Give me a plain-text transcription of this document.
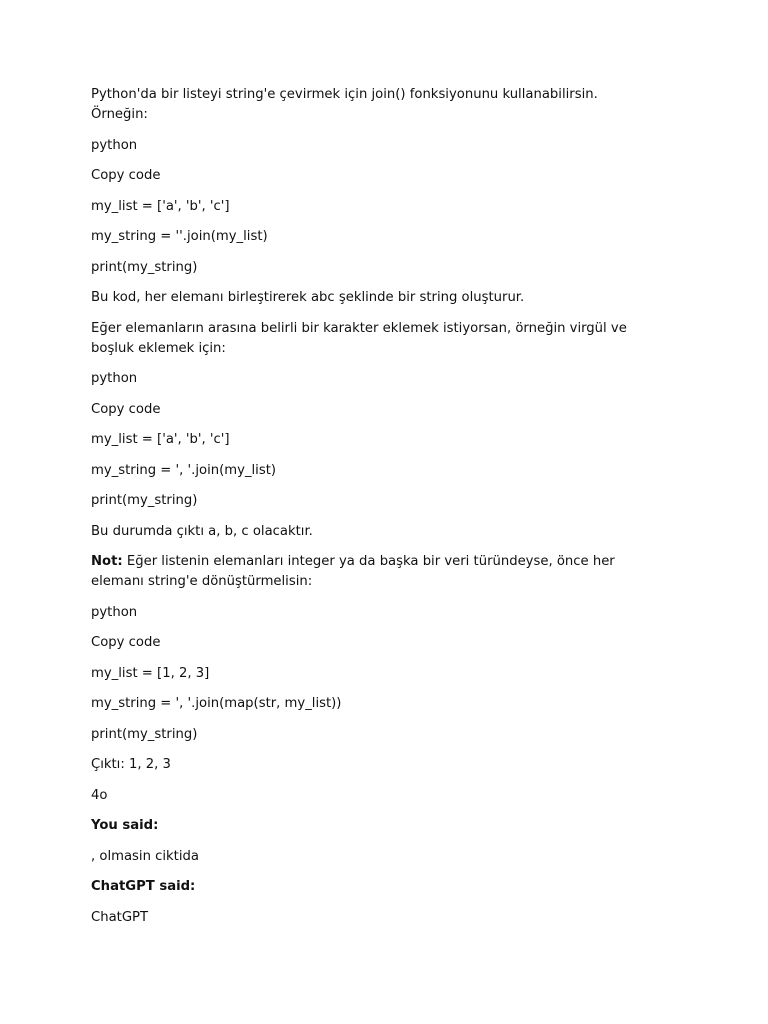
Python'da bir listeyi string'e çevirmek için join() fonksiyonunu kullanabilirsin. Örneğin:

python

Copy code

my_list = ['a', 'b', 'c']

my_string = ''.join(my_list)

print(my_string)

Bu kod, her elemanı birleştirerek abc şeklinde bir string oluşturur.

Eğer elemanların arasına belirli bir karakter eklemek istiyorsan, örneğin virgül ve boşluk eklemek için:

python

Copy code

my_list = ['a', 'b', 'c']

my_string = ', '.join(my_list)

print(my_string)

Bu durumda çıktı a, b, c olacaktır.

Not: Eğer listenin elemanları integer ya da başka bir veri türündeyse, önce her elemanı string'e dönüştürmelisin:

python

Copy code

my_list = [1, 2, 3]

my_string = ', '.join(map(str, my_list))

print(my_string)

Çıktı: 1, 2, 3

4o

You said:

, olmasin ciktida

ChatGPT said:

ChatGPT
